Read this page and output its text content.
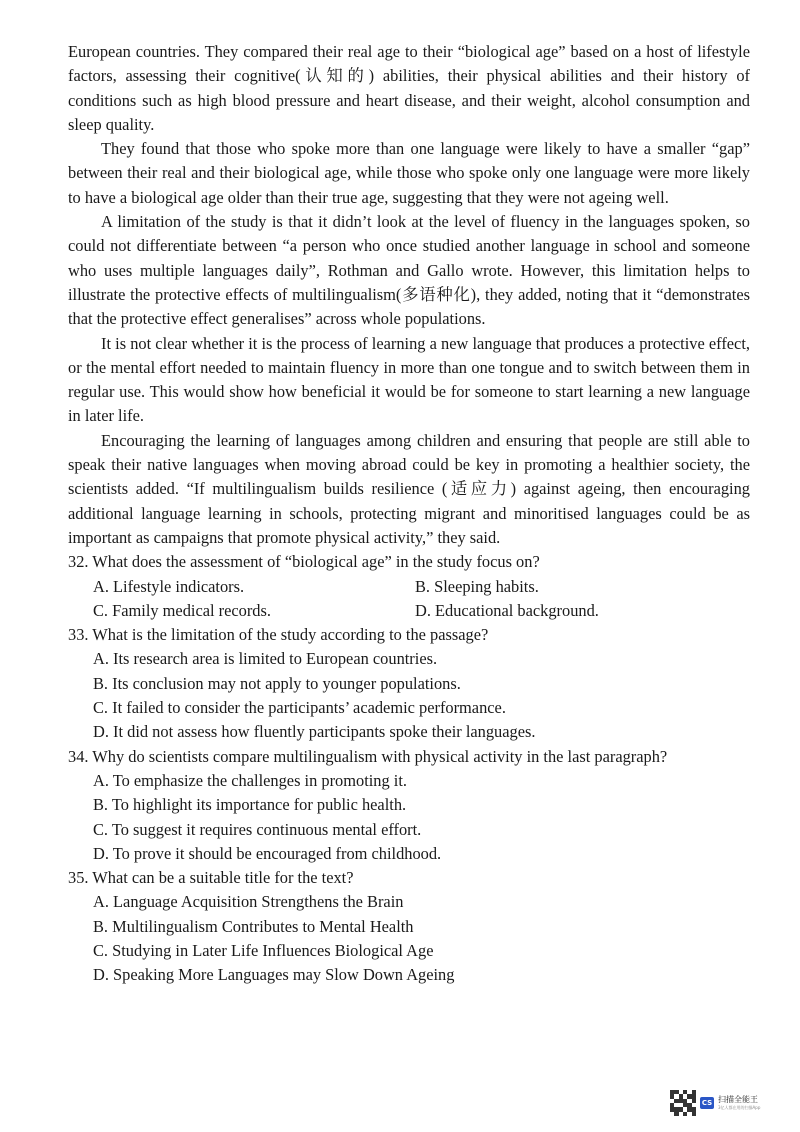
European countries. They compared their real age to their “biological age” based on a host of lifestyle factors, assessing their cognitive(认知的) abilities, their physical abilities and their history of conditions such as high blood pressure and heart disease, and their weight, alcohol consumption and sleep quality.

They found that those who spoke more than one language were likely to have a smaller “gap” between their real and their biological age, while those who spoke only one language were more likely to have a biological age older than their true age, suggesting that they were not ageing well.

A limitation of the study is that it didn’t look at the level of fluency in the languages spoken, so could not differentiate between “a person who once studied another language in school and someone who uses multiple languages daily”, Rothman and Gallo wrote. However, this limitation helps to illustrate the protective effects of multilingualism(多语种化), they added, noting that it “demonstrates that the protective effect generalises” across whole populations.

It is not clear whether it is the process of learning a new language that produces a protective effect, or the mental effort needed to maintain fluency in more than one tongue and to switch between them in regular use. This would show how beneficial it would be for someone to start learning a new language in later life.

Encouraging the learning of languages among children and ensuring that people are still able to speak their native languages when moving abroad could be key in promoting a healthier society, the scientists added. “If multilingualism builds resilience (适应力) against ageing, then encouraging additional language learning in schools, protecting migrant and minoritised languages could be as important as campaigns that promote physical activity,” they said.

32. What does the assessment of “biological age” in the study focus on?

A. Lifestyle indicators.	B. Sleeping habits.

C. Family medical records.	D. Educational background.

33. What is the limitation of the study according to the passage?

A. Its research area is limited to European countries.

B. Its conclusion may not apply to younger populations.

C. It failed to consider the participants’ academic performance.

D. It did not assess how fluently participants spoke their languages.

34. Why do scientists compare multilingualism with physical activity in the last paragraph?

A. To emphasize the challenges in promoting it.

B. To highlight its importance for public health.

C. To suggest it requires continuous mental effort.

D. To prove it should be encouraged from childhood.

35. What can be a suitable title for the text?

A. Language Acquisition Strengthens the Brain

B. Multilingualism Contributes to Mental Health

C. Studying in Later Life Influences Biological Age

D. Speaking More Languages may Slow Down Ageing

CS 扫描全能王
3亿人都在用的扫描App
